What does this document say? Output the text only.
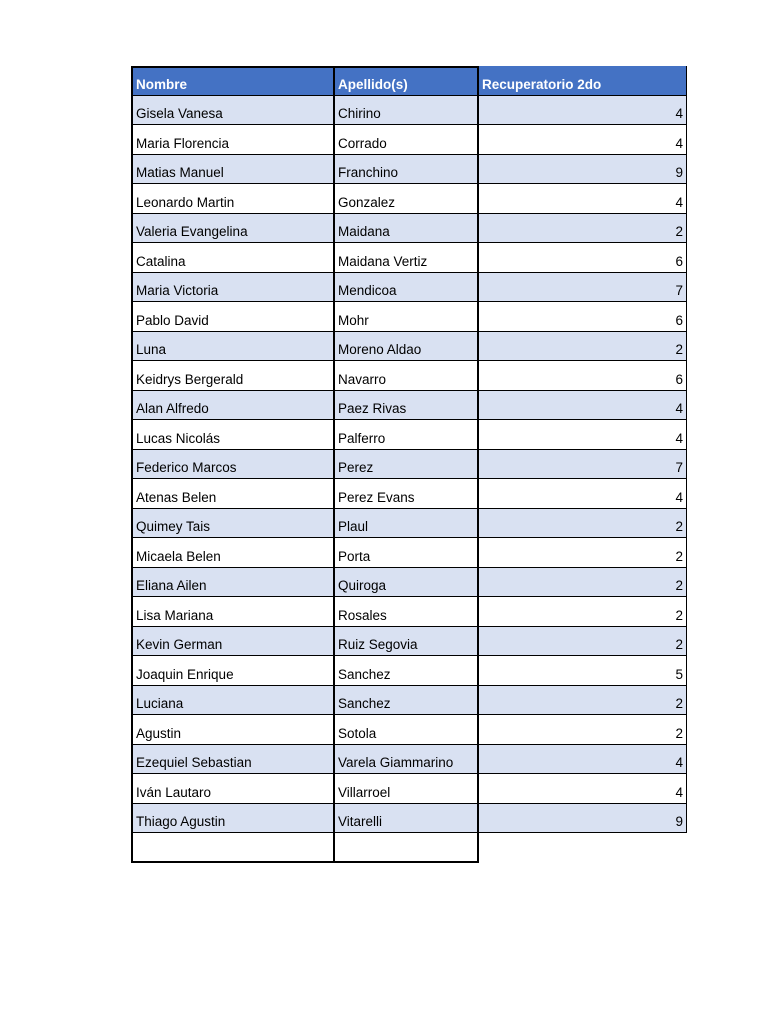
Nombre	Apellido(s)	Recuperatorio 2do
Gisela Vanesa	Chirino	4
Maria Florencia	Corrado	4
Matias Manuel	Franchino	9
Leonardo Martin	Gonzalez	4
Valeria Evangelina	Maidana	2
Catalina	Maidana Vertiz	6
Maria Victoria	Mendicoa	7
Pablo David	Mohr	6
Luna	Moreno Aldao	2
Keidrys Bergerald	Navarro	6
Alan Alfredo	Paez Rivas	4
Lucas Nicolás	Palferro	4
Federico Marcos	Perez	7
Atenas Belen	Perez Evans	4
Quimey Tais	Plaul	2
Micaela Belen	Porta	2
Eliana Ailen	Quiroga	2
Lisa Mariana	Rosales	2
Kevin German	Ruiz Segovia	2
Joaquin Enrique	Sanchez	5
Luciana	Sanchez	2
Agustin	Sotola	2
Ezequiel Sebastian	Varela Giammarino	4
Iván Lautaro	Villarroel	4
Thiago Agustin	Vitarelli	9
